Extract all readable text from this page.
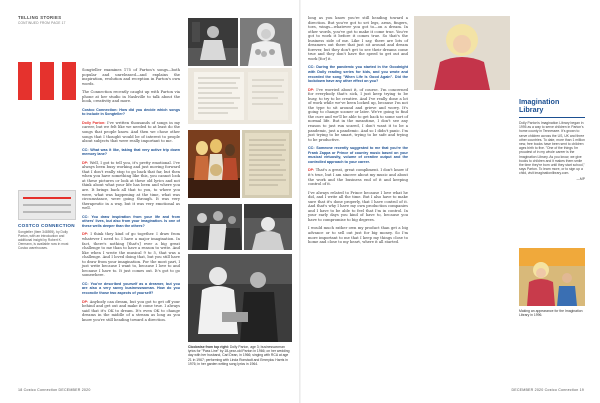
TELLING STORIES
CONTINUED FROM PAGE 17
COSTCO CONNECTION
Songteller (Item 348595), by Dolly Parton, with an introduction and additional insight by Robert K. Oermann, is available now in most Costco warehouses.

Songteller examines 175 of Parton's songs—both popular and unreleased—and explains the inspiration, evolution and reception in Parton's own words.

The Connection recently caught up with Parton via phone at her studio in Nashville to talk about the book, creativity and more.

Costco Connection: How did you decide which songs to include in Songteller?

Dolly Parton: I've written thousands of songs in my career, but we felt like we needed to at least do the songs that people know. And then we chose other songs that I thought would be of interest to people about subjects that were really important to me.

CC: What was it like, taking that very active trip down memory lane?

DP: Well, I got to tell you, it's pretty emotional. I've always been busy working and just moving forward that I don't really stop to go back that far, but then when you have something like this, you cannot look at these pictures or look at these old lyrics and not think about what your life has been and where you are. It brings back all that to you, to where you were, what was happening at the time, what was circumstance, were going through. It was very therapeutic in a way, but it was very emotional as well.

CC: You draw inspiration from your life and from others' lives, but also from your imagination. Is one of these wells deeper than the others?

DP: I think they kind of go together. I draw from whatever I need to. I have a major imagination. In fact, there's nothing [that's] ever a big great challenge to me than to have a reason to write. And like when I wrote the musical 9 to 5, that was a challenge. And I loved doing that, but you still have to draw from your imagination. For the most part, I just write because I want to, because I love to and because I have to. It just comes out. It's got to go somewhere.

CC: You've described yourself as a dreamer, but you are also a very savvy businesswoman. How do you reconcile those two aspects of yourself?

DP: Anybody can dream, but you got to get off your behind and get out and make it come true. I always said that it's OK to dream. It's even OK to change dreams in the middle of a stream as long as you know you're still heading toward a direction.

Clockwise from top right: Dolly Parton, age 3; businesswoman lyrics for "Pass Line" by 18-year-old Parton in 1966; on her wedding day with her husband, Carl Dean, in 1966; singing with RCA at age 21 in 1967; performing with Linda Ronstadt and Emmylou Harris in 1976; in her garden writing song lyrics in 1964.

long as you know you're still heading toward a direction. But you've got to set legs, arms, fingers, toes, wings—whatever you got to—on a dream. In other words, you've got to make it come true. You've got to work it before it comes true. So that's the business side of me. Like I say, there are lots of dreamers out there that just sit around and dream forever, but they don't get to see their dreams come true and they don't have the speed to get out and work [for] it.

CC: During the pandemic you started in the Goodnight with Dolly reading series for kids, and you wrote and recorded the song "When Life Is Good Again". Did the lockdown have any other effect on you?

DP: I've worried about it, of course. I'm concerned for everybody that's sick, I just keep trying to be busy, to try to be creative. And I've really done a lot of work while we've been locked up, because I'm not the type to sit around and grieve and worry. It's going to change sooner or later. We're going to find the cure and we'll be able to get back to some sort of normal life. But in the meantime, I don't see any reason to just run scared, I don't want it to be a pandemic, just a pandemic. And so I didn't panic. I'm just trying to be smart, trying to be safe and trying to be productive.

CC: Someone recently suggested to me that you're the Frank Zappa or Prince of country music based on your musical virtuosity, volume of creative output and the controlled approach to your career.

DP: That's a great, great compliment. I don't know if it's true, but I am sincere about my music and about the work and the business end of it and keeping control of it.

I've always related to Prince because I love what he did, and I write all the time. But I also have to make sure that it's done properly, that I have control of it. And that's why I have my own production companies and I have to be able to feel that I'm in control. In your early days you kind of have to, because you have to compromise to big degrees.

I would much rather own my product than get a big advance or to sell out just for big money. So I'm more important to me that I keep my things close to home and close to my heart, where it all started.

Imagination Library
Dolly Parton's Imagination Library began in 1995 as a way to serve children in Parton's home county in Tennessee. It's grown to serve children across the US, UK and three other countries. To date, more than 1 million new, free books have been sent to children ages birth to five. "One of the things I'm proudest of in my whole career is the Imagination Library. As you know, we give books to children and it makes them smile the time they're born until they start school," says Parton. To learn more, or to sign up a child, visit imaginationlibrary.com.
—MP
Making an appearance for the Imagination Library in 1996.
18 Costco Connection DECEMBER 2020	DECEMBER 2020 Costco Connection 19
